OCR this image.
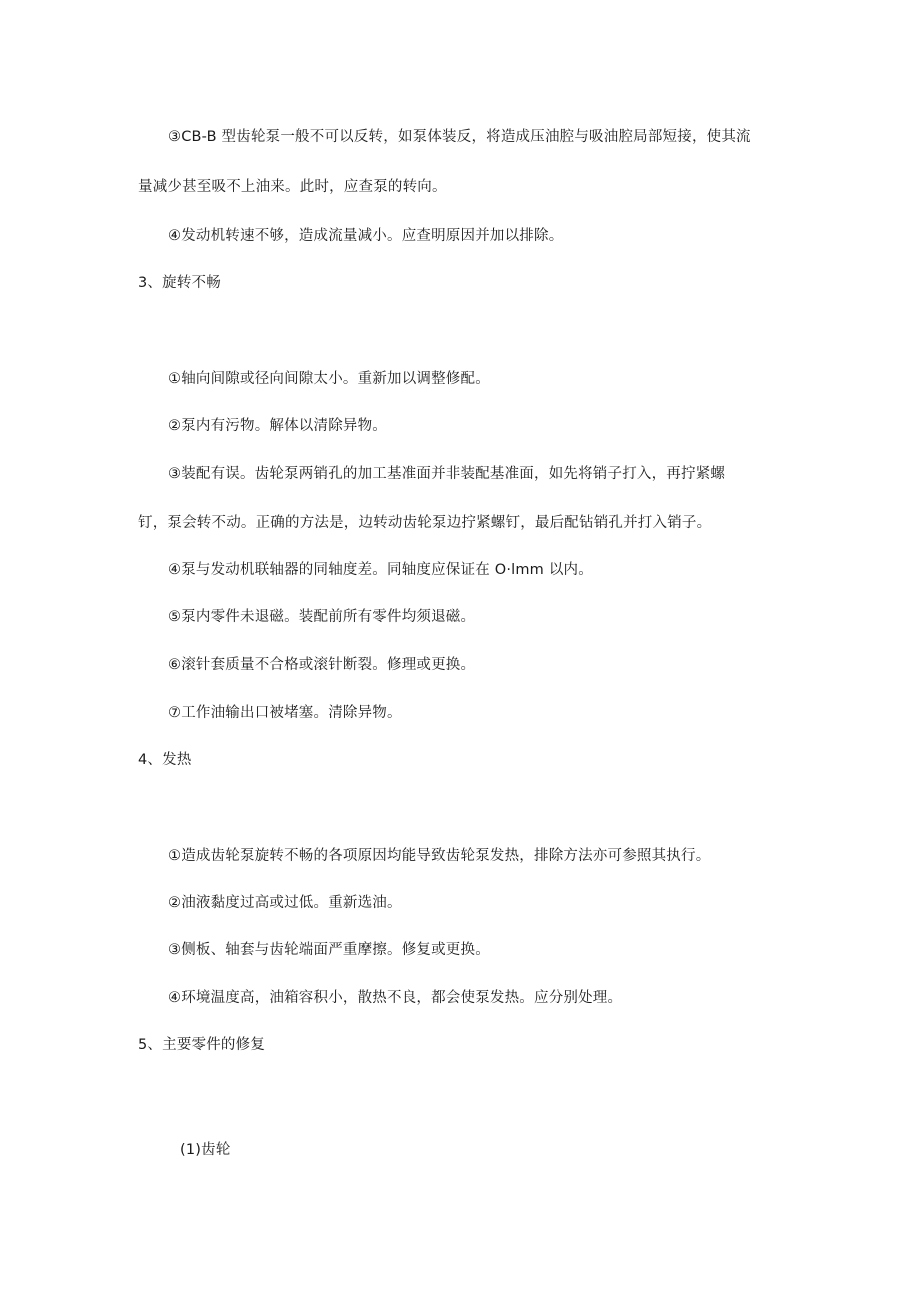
③CB-B 型齿轮泵一般不可以反转，如泵体装反，将造成压油腔与吸油腔局部短接，使其流

量减少甚至吸不上油来。此时，应查泵的转向。

④发动机转速不够，造成流量减小。应查明原因并加以排除。

3、旋转不畅

①轴向间隙或径向间隙太小。重新加以调整修配。

②泵内有污物。解体以清除异物。

③装配有误。齿轮泵两销孔的加工基准面并非装配基准面，如先将销子打入，再拧紧螺

钉，泵会转不动。正确的方法是，边转动齿轮泵边拧紧螺钉，最后配钻销孔并打入销子。

④泵与发动机联轴器的同轴度差。同轴度应保证在 O·lmm 以内。

⑤泵内零件未退磁。装配前所有零件均须退磁。

⑥滚针套质量不合格或滚针断裂。修理或更换。

⑦工作油输出口被堵塞。清除异物。

4、发热

①造成齿轮泵旋转不畅的各项原因均能导致齿轮泵发热，排除方法亦可参照其执行。

②油液黏度过高或过低。重新选油。

③侧板、轴套与齿轮端面严重摩擦。修复或更换。

④环境温度高，油箱容积小，散热不良，都会使泵发热。应分别处理。

5、主要零件的修复

(1)齿轮
